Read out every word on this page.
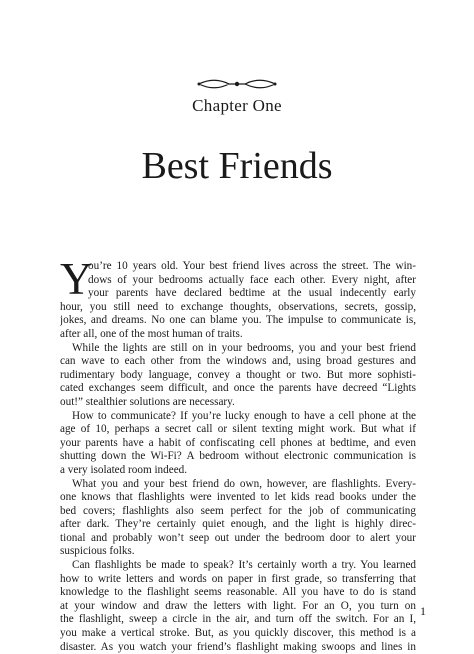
Chapter One
Best Friends
Y
ou’re 10 years old. Your best friend lives across the street. The win-
dows of your bedrooms actually face each other. Every night, after
your parents have declared bedtime at the usual indecently early
hour, you still need to exchange thoughts, observations, secrets, gossip,
jokes, and dreams. No one can blame you. The impulse to communicate is,
after all, one of the most human of traits.
While the lights are still on in your bedrooms, you and your best friend
can wave to each other from the windows and, using broad gestures and
rudimentary body language, convey a thought or two. But more sophisti-
cated exchanges seem difficult, and once the parents have decreed “Lights
out!” stealthier solutions are necessary.
How to communicate? If you’re lucky enough to have a cell phone at the
age of 10, perhaps a secret call or silent texting might work. But what if
your parents have a habit of confiscating cell phones at bedtime, and even
shutting down the Wi-Fi? A bedroom without electronic communication is
a very isolated room indeed.
What you and your best friend do own, however, are flashlights. Every-
one knows that flashlights were invented to let kids read books under the
bed covers; flashlights also seem perfect for the job of communicating
after dark. They’re certainly quiet enough, and the light is highly direc-
tional and probably won’t seep out under the bedroom door to alert your
suspicious folks.
Can flashlights be made to speak? It’s certainly worth a try. You learned
how to write letters and words on paper in first grade, so transferring that
knowledge to the flashlight seems reasonable. All you have to do is stand
at your window and draw the letters with light. For an O, you turn on
the flashlight, sweep a circle in the air, and turn off the switch. For an I,
you make a vertical stroke. But, as you quickly discover, this method is a
disaster. As you watch your friend’s flashlight making swoops and lines in
1
